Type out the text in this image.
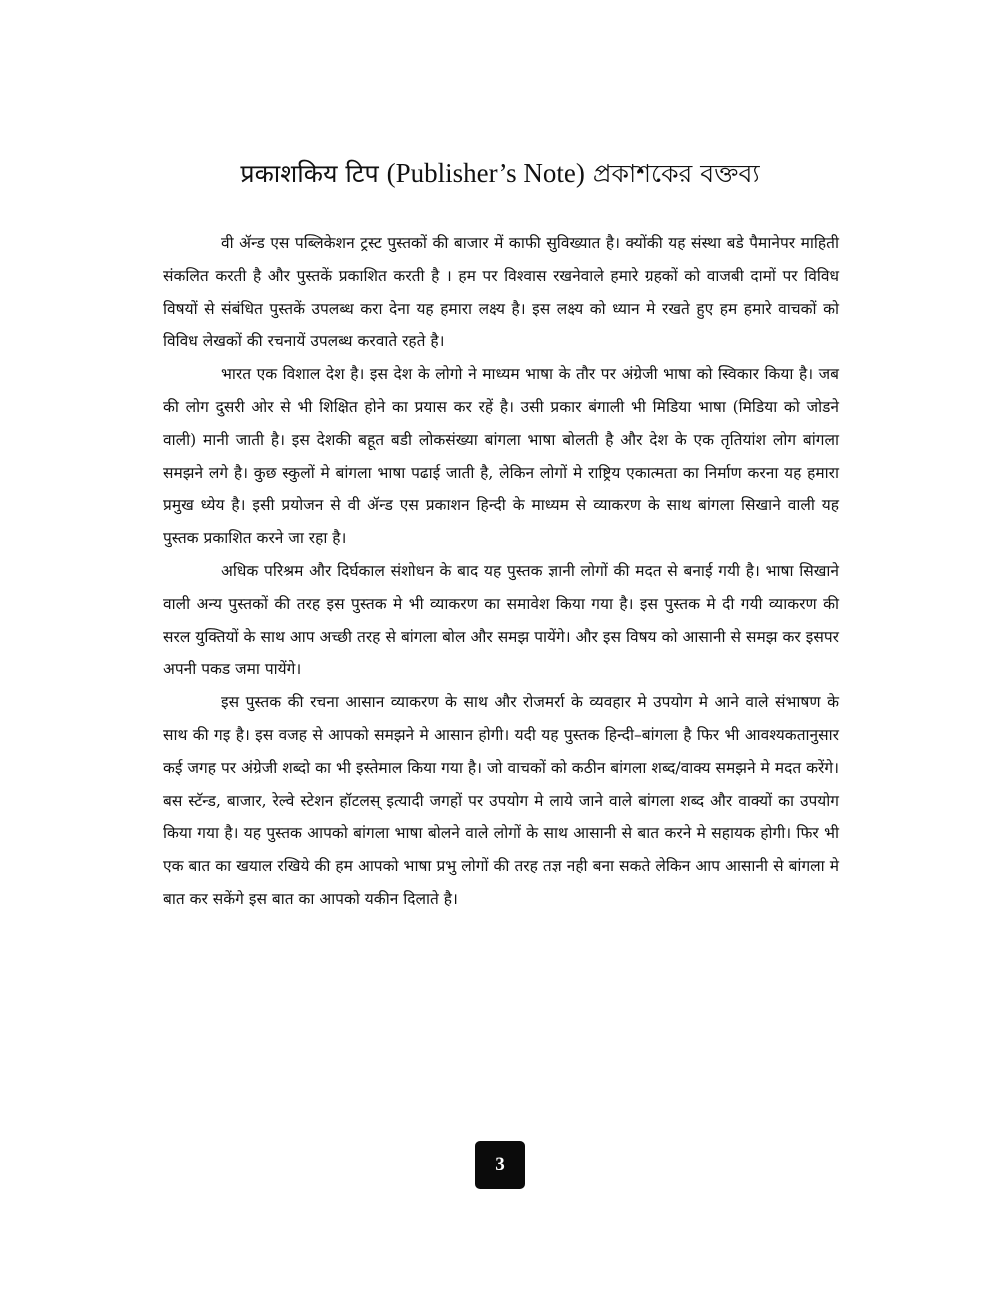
प्रकाशकिय टिप (Publisher’s Note) প্রকাশকের বক্তব্য

वी ॲन्ड एस पब्लिकेशन ट्रस्ट पुस्तकों की बाजार में काफी सुविख्यात है। क्योंकी यह संस्था बडे पैमानेपर माहिती संकलित करती है और पुस्तकें प्रकाशित करती है । हम पर विश्वास रखनेवाले हमारे ग्रहकों को वाजबी दामों पर विविध विषयों से संबंधित पुस्तकें उपलब्ध करा देना यह हमारा लक्ष्य है। इस लक्ष्य को ध्यान मे रखते हुए हम हमारे वाचकों को विविध लेखकों की रचनायें उपलब्ध करवाते रहते है।

भारत एक विशाल देश है। इस देश के लोगो ने माध्यम भाषा के तौर पर अंग्रेजी भाषा को स्विकार किया है। जब की लोग दुसरी ओर से भी शिक्षित होने का प्रयास कर रहें है। उसी प्रकार बंगाली भी मिडिया भाषा (मिडिया को जोडने वाली) मानी जाती है। इस देशकी बहूत बडी लोकसंख्या बांगला भाषा बोलती है और देश के एक तृतियांश लोग बांगला समझने लगे है। कुछ स्कुलों मे बांगला भाषा पढाई जाती है, लेकिन लोगों मे राष्ट्रिय एकात्मता का निर्माण करना यह हमारा प्रमुख ध्येय है। इसी प्रयोजन से वी ॲन्ड एस प्रकाशन हिन्दी के माध्यम से व्याकरण के साथ बांगला सिखाने वाली यह पुस्तक प्रकाशित करने जा रहा है।

अधिक परिश्रम और दिर्घकाल संशोधन के बाद यह पुस्तक ज्ञानी लोगों की मदत से बनाई गयी है। भाषा सिखाने वाली अन्य पुस्तकों की तरह इस पुस्तक मे भी व्याकरण का समावेश किया गया है। इस पुस्तक मे दी गयी व्याकरण की सरल युक्तियों के साथ आप अच्छी तरह से बांगला बोल और समझ पायेंगे। और इस विषय को आसानी से समझ कर इसपर अपनी पकड जमा पायेंगे।

इस पुस्तक की रचना आसान व्याकरण के साथ और रोजमर्रा के व्यवहार मे उपयोग मे आने वाले संभाषण के साथ की गइ है। इस वजह से आपको समझने मे आसान होगी। यदी यह पुस्तक हिन्दी–बांगला है फिर भी आवश्यकतानुसार कई जगह पर अंग्रेजी शब्दो का भी इस्तेमाल किया गया है। जो वाचकों को कठीन बांगला शब्द/वाक्य समझने मे मदत करेंगे। बस स्टॅन्ड, बाजार, रेल्वे स्टेशन हॉटलस् इत्यादी जगहों पर उपयोग मे लाये जाने वाले बांगला शब्द और वाक्यों का उपयोग किया गया है। यह पुस्तक आपको बांगला भाषा बोलने वाले लोगों के साथ आसानी से बात करने मे सहायक होगी। फिर भी एक बात का खयाल रखिये की हम आपको भाषा प्रभु लोगों की तरह तज्ञ नही बना सकते लेकिन आप आसानी से बांगला मे बात कर सकेंगे इस बात का आपको यकीन दिलाते है।

3
